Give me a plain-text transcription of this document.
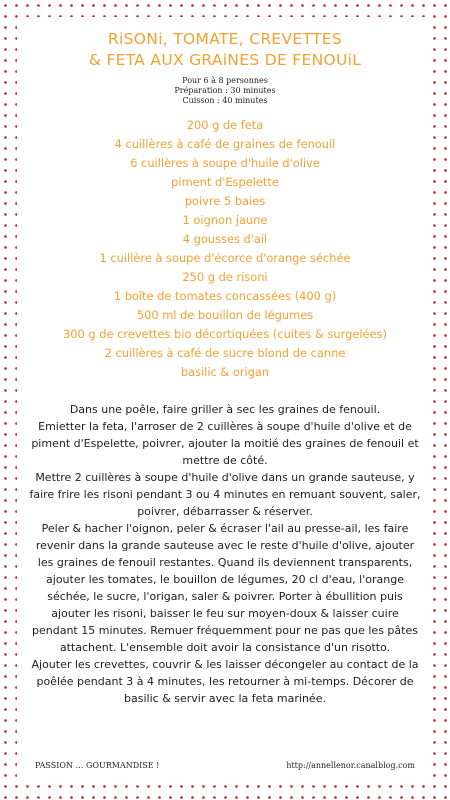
RiSONi, TOMATE, CREVETTES
& FETA AUX GRAiNES DE FENOUiL
Pour 6 à 8 personnes
Préparation : 30 minutes
Cuisson : 40 minutes
200 g de feta
4 cuillères à café de graines de fenouil
6 cuillères à soupe d'huile d'olive
piment d'Espelette
poivre 5 baies
1 oignon jaune
4 gousses d'ail
1 cuillère à soupe d'écorce d'orange séchée
250 g de risoni
1 boîte de tomates concassées (400 g)
500 ml de bouillon de légumes
300 g de crevettes bio décortiquées (cuites & surgelées)
2 cuillères à café de sucre blond de canne
basilic & origan
Dans une poêle, faire griller à sec les graines de fenouil.
Emietter la feta, l'arroser de 2 cuillères à soupe d'huile d'olive et de piment d'Espelette, poivrer, ajouter la moitié des graines de fenouil et mettre de côté.
Mettre 2 cuillères à soupe d'huile d'olive dans un grande sauteuse, y faire frire les risoni pendant 3 ou 4 minutes en remuant souvent, saler, poivrer, débarrasser & réserver.
Peler & hacher l'oignon, peler & écraser l'ail au presse-ail, les faire revenir dans la grande sauteuse avec le reste d'huile d'olive, ajouter les graines de fenouil restantes. Quand ils deviennent transparents, ajouter les tomates, le bouillon de légumes, 20 cl d'eau, l'orange séchée, le sucre, l'origan, saler & poivrer. Porter à ébullition puis ajouter les risoni, baisser le feu sur moyen-doux & laisser cuire pendant 15 minutes. Remuer fréquemment pour ne pas que les pâtes attachent. L'ensemble doit avoir la consistance d'un risotto.
Ajouter les crevettes, couvrir & les laisser décongeler au contact de la poêlée pendant 3 à 4 minutes, les retourner à mi-temps. Décorer de basilic & servir avec la feta marinée.
PASSION … GOURMANDISE !	http://annellenor.canalblog.com
